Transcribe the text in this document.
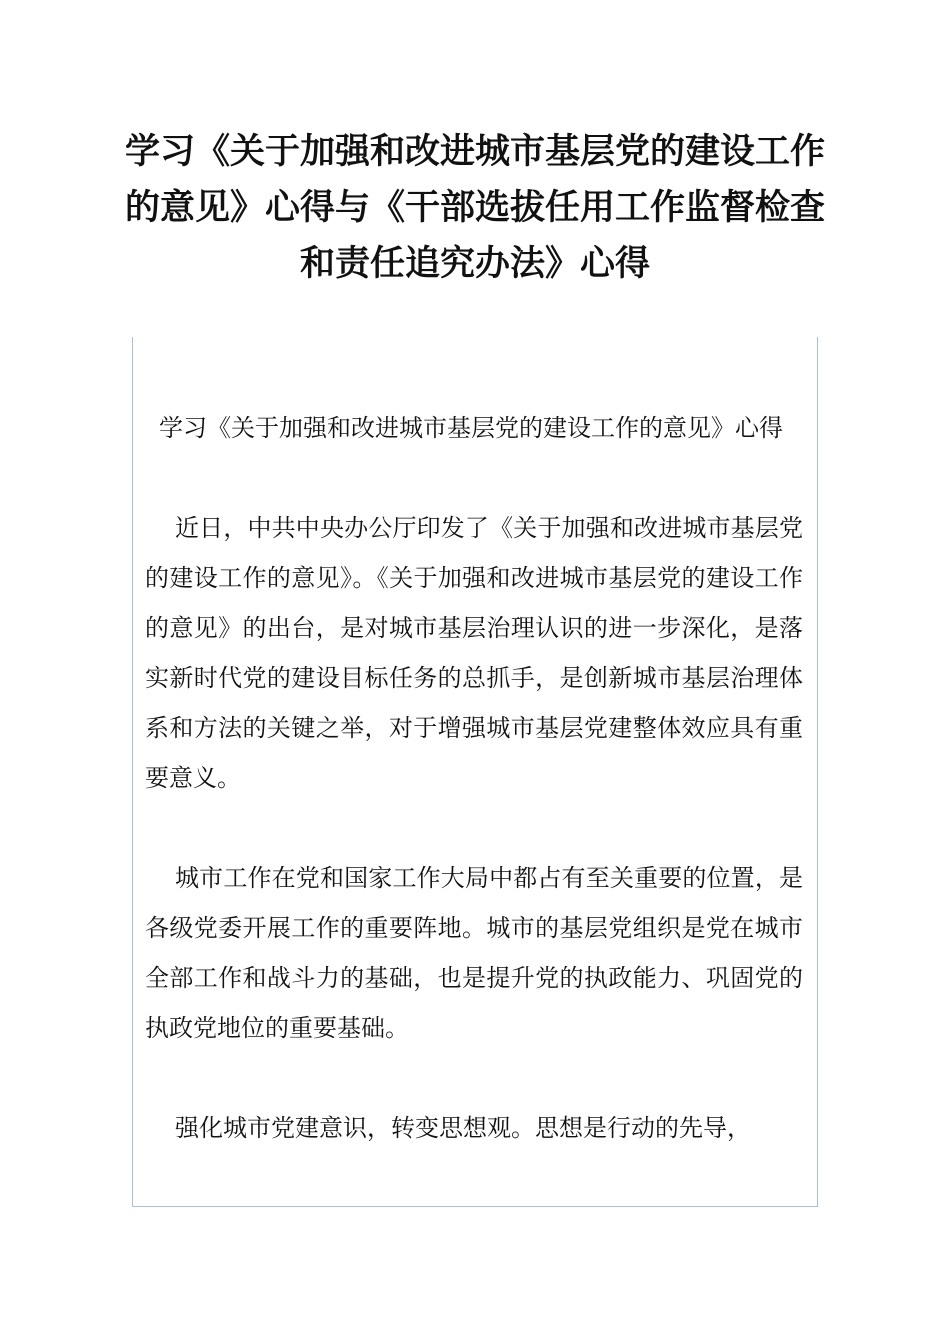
学习《关于加强和改进城市基层党的建设工作的意见》心得与《干部选拔任用工作监督检查和责任追究办法》心得

学习《关于加强和改进城市基层党的建设工作的意见》心得

近日，中共中央办公厅印发了《关于加强和改进城市基层党的建设工作的意见》。《关于加强和改进城市基层党的建设工作的意见》的出台，是对城市基层治理认识的进一步深化，是落实新时代党的建设目标任务的总抓手，是创新城市基层治理体系和方法的关键之举，对于增强城市基层党建整体效应具有重要意义。

城市工作在党和国家工作大局中都占有至关重要的位置，是各级党委开展工作的重要阵地。城市的基层党组织是党在城市全部工作和战斗力的基础，也是提升党的执政能力、巩固党的执政党地位的重要基础。

强化城市党建意识，转变思想观。思想是行动的先导，
